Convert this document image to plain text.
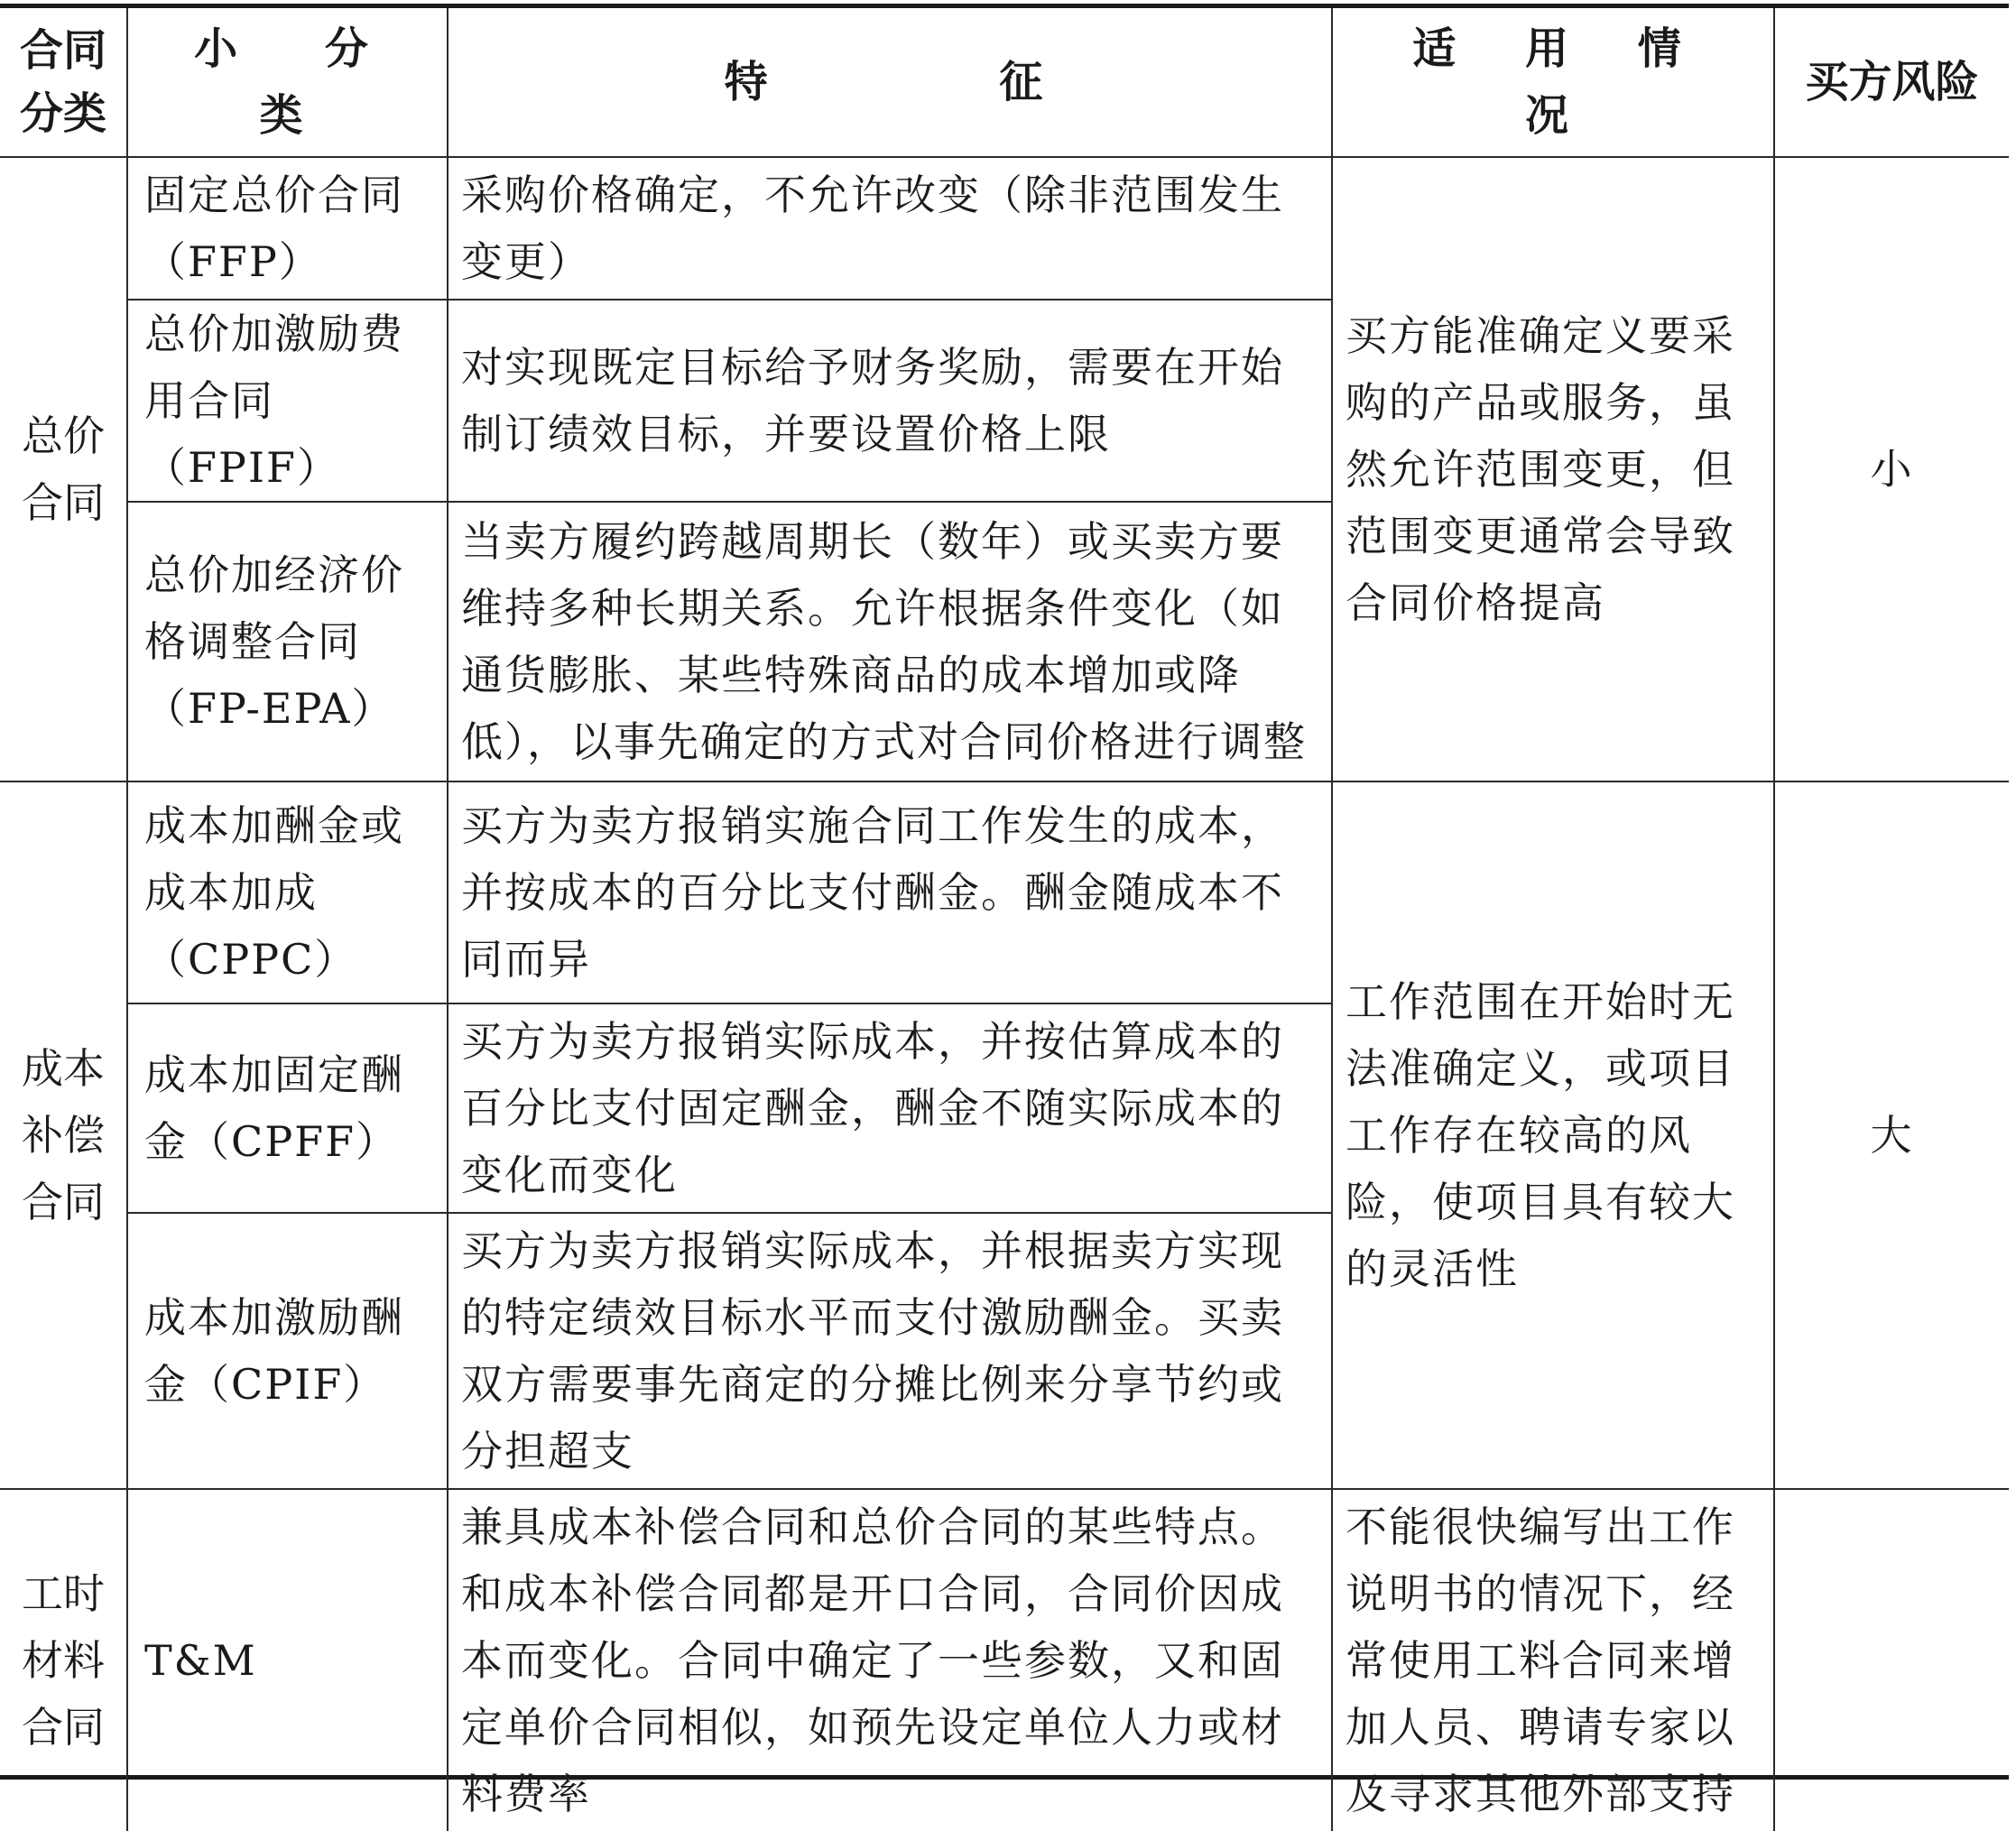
合同分类	小 分 类	特 征	适 用 情 况	买方风险
总价合同	固定总价合同（FFP）	采购价格确定，不允许改变（除非范围发生变更）	买方能准确定义要采购的产品或服务，虽然允许范围变更，但范围变更通常会导致合同价格提高	小
	总价加激励费用合同（FPIF）	对实现既定目标给予财务奖励，需要在开始制订绩效目标，并要设置价格上限		
	总价加经济价格调整合同（FP-EPA）	当卖方履约跨越周期长（数年）或买卖方要维持多种长期关系。允许根据条件变化（如通货膨胀、某些特殊商品的成本增加或降低），以事先确定的方式对合同价格进行调整		
成本补偿合同	成本加酬金或成本加成（CPPC）	买方为卖方报销实施合同工作发生的成本，并按成本的百分比支付酬金。酬金随成本不同而异	工作范围在开始时无法准确定义，或项目工作存在较高的风险，使项目具有较大的灵活性	大
	成本加固定酬金（CPFF）	买方为卖方报销实际成本，并按估算成本的百分比支付固定酬金，酬金不随实际成本的变化而变化		
	成本加激励酬金（CPIF）	买方为卖方报销实际成本，并根据卖方实现的特定绩效目标水平而支付激励酬金。买卖双方需要事先商定的分摊比例来分享节约或分担超支		
工时材料合同	T&M	兼具成本补偿合同和总价合同的某些特点。和成本补偿合同都是开口合同，合同价因成本而变化。合同中确定了一些参数，又和固定单价合同相似，如预先设定单位人力或材料费率	不能很快编写出工作说明书的情况下，经常使用工料合同来增加人员、聘请专家以及寻求其他外部支持	
